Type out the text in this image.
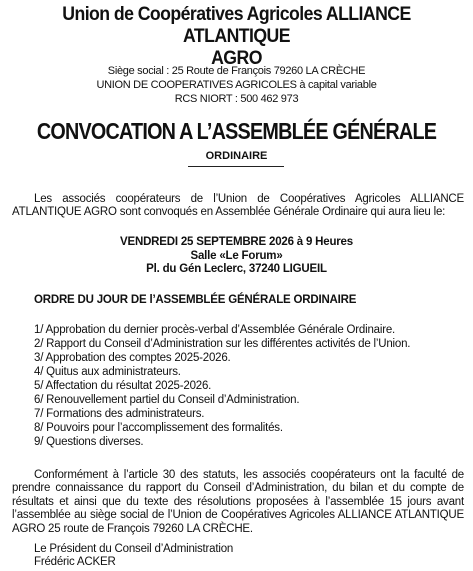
Union de Coopératives Agricoles ALLIANCE ATLANTIQUE
AGRO
Siège social : 25 Route de François 79260 LA CRÈCHE
UNION DE COOPERATIVES AGRICOLES à capital variable
RCS NIORT : 500 462 973
CONVOCATION A L’ASSEMBLÉE GÉNÉRALE
ORDINAIRE
Les associés coopérateurs de l’Union de Coopératives Agricoles ALLIANCE ATLANTIQUE AGRO sont convoqués en Assemblée Générale Ordinaire qui aura lieu le:
VENDREDI 25 SEPTEMBRE 2026 à 9 Heures
Salle «Le Forum»
Pl. du Gén Leclerc, 37240 LIGUEIL
ORDRE DU JOUR DE l’ASSEMBLÉE GÉNÉRALE ORDINAIRE
1/ Approbation du dernier procès-verbal d’Assemblée Générale Ordinaire.
2/ Rapport du Conseil d’Administration sur les différentes activités de l’Union.
3/ Approbation des comptes 2025-2026.
4/ Quitus aux administrateurs.
5/ Affectation du résultat 2025-2026.
6/ Renouvellement partiel du Conseil d’Administration.
7/ Formations des administrateurs.
8/ Pouvoirs pour l’accomplissement des formalités.
9/ Questions diverses.
Conformément à l’article 30 des statuts, les associés coopérateurs ont la faculté de prendre connaissance du rapport du Conseil d’Administration, du bilan et du compte de résultats et ainsi que du texte des résolutions proposées à l’assemblée 15 jours avant l’assemblée au siège social de l’Union de Coopératives Agricoles ALLIANCE ATLANTIQUE AGRO 25 route de François 79260 LA CRÈCHE.
Le Président du Conseil d’Administration
Frédéric ACKER
